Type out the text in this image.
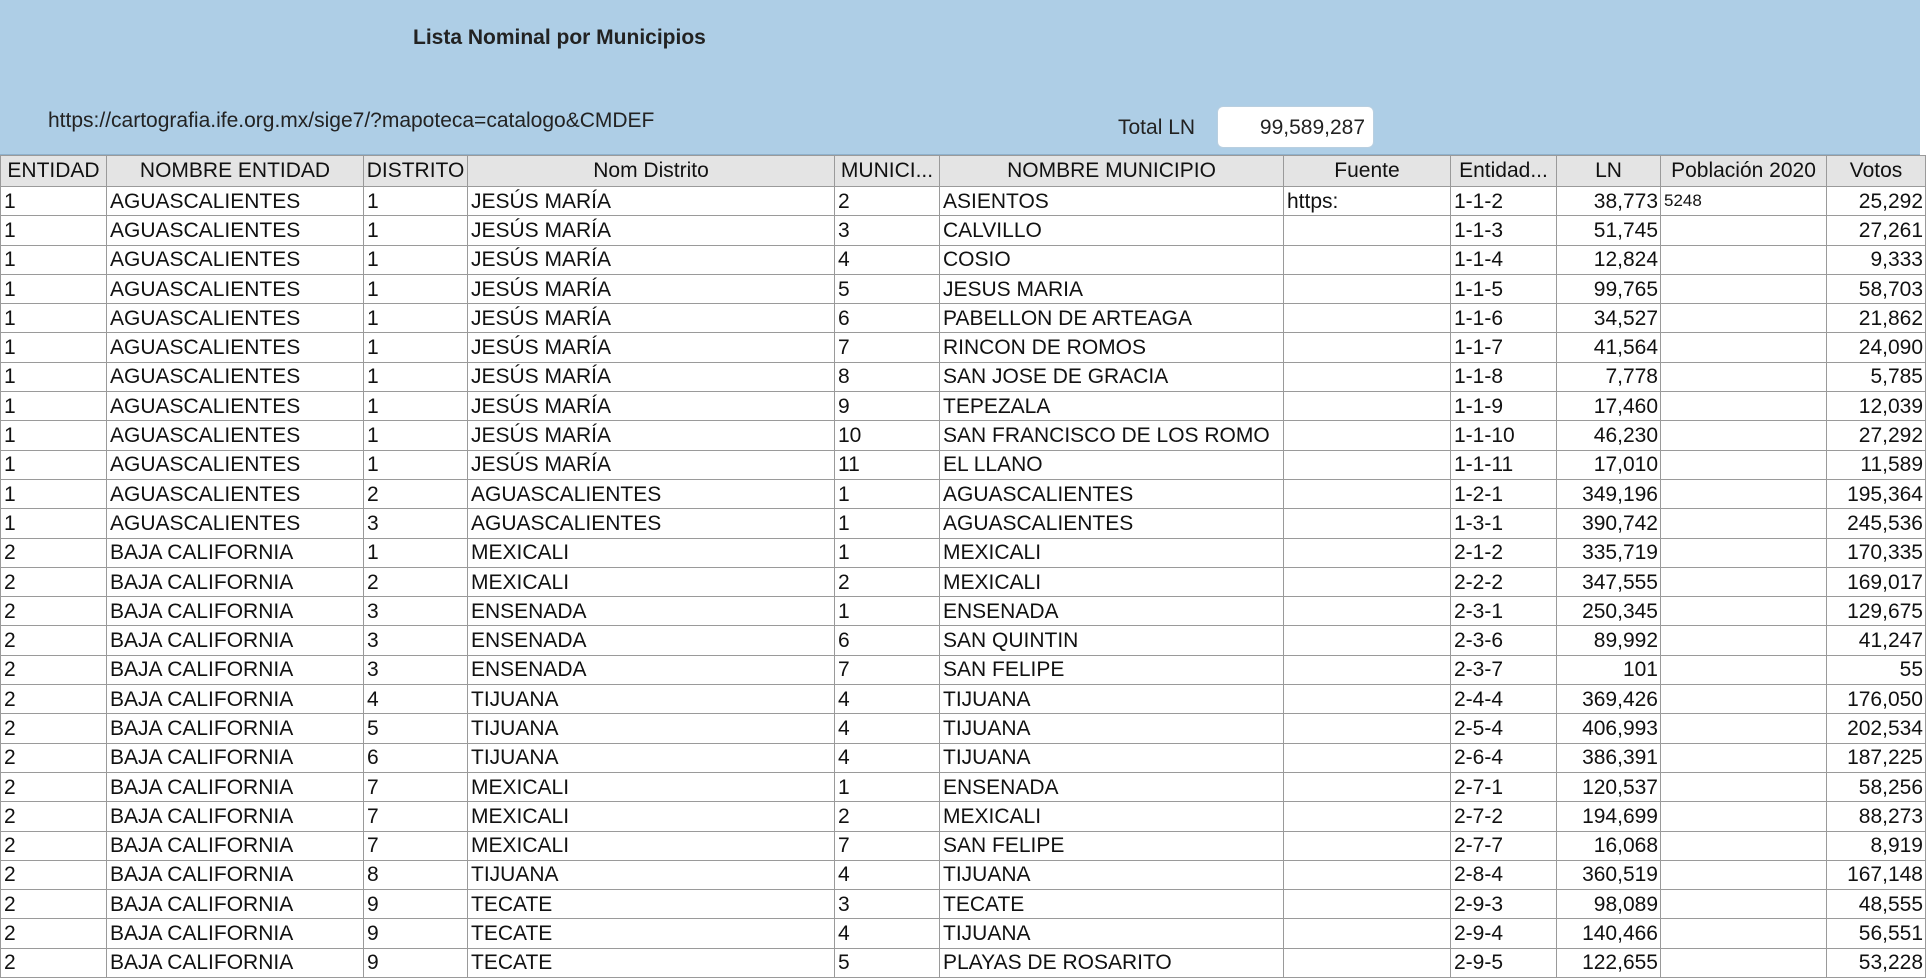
Lista Nominal por Municipios
https://cartografia.ife.org.mx/sige7/?mapoteca=catalogo&CMDEF	Total LN	99,589,287
ENTIDAD	NOMBRE ENTIDAD	DISTRITO	Nom Distrito	MUNICI...	NOMBRE MUNICIPIO	Fuente	Entidad...	LN	Población 2020	Votos
1	AGUASCALIENTES	1	JESÚS MARÍA	2	ASIENTOS	https:	1-1-2	38,773	5248	25,292
1	AGUASCALIENTES	1	JESÚS MARÍA	3	CALVILLO		1-1-3	51,745		27,261
1	AGUASCALIENTES	1	JESÚS MARÍA	4	COSIO		1-1-4	12,824		9,333
1	AGUASCALIENTES	1	JESÚS MARÍA	5	JESUS MARIA		1-1-5	99,765		58,703
1	AGUASCALIENTES	1	JESÚS MARÍA	6	PABELLON DE ARTEAGA		1-1-6	34,527		21,862
1	AGUASCALIENTES	1	JESÚS MARÍA	7	RINCON DE ROMOS		1-1-7	41,564		24,090
1	AGUASCALIENTES	1	JESÚS MARÍA	8	SAN JOSE DE GRACIA		1-1-8	7,778		5,785
1	AGUASCALIENTES	1	JESÚS MARÍA	9	TEPEZALA		1-1-9	17,460		12,039
1	AGUASCALIENTES	1	JESÚS MARÍA	10	SAN FRANCISCO DE LOS ROMO		1-1-10	46,230		27,292
1	AGUASCALIENTES	1	JESÚS MARÍA	11	EL LLANO		1-1-11	17,010		11,589
1	AGUASCALIENTES	2	AGUASCALIENTES	1	AGUASCALIENTES		1-2-1	349,196		195,364
1	AGUASCALIENTES	3	AGUASCALIENTES	1	AGUASCALIENTES		1-3-1	390,742		245,536
2	BAJA CALIFORNIA	1	MEXICALI	1	MEXICALI		2-1-2	335,719		170,335
2	BAJA CALIFORNIA	2	MEXICALI	2	MEXICALI		2-2-2	347,555		169,017
2	BAJA CALIFORNIA	3	ENSENADA	1	ENSENADA		2-3-1	250,345		129,675
2	BAJA CALIFORNIA	3	ENSENADA	6	SAN QUINTIN		2-3-6	89,992		41,247
2	BAJA CALIFORNIA	3	ENSENADA	7	SAN FELIPE		2-3-7	101		55
2	BAJA CALIFORNIA	4	TIJUANA	4	TIJUANA		2-4-4	369,426		176,050
2	BAJA CALIFORNIA	5	TIJUANA	4	TIJUANA		2-5-4	406,993		202,534
2	BAJA CALIFORNIA	6	TIJUANA	4	TIJUANA		2-6-4	386,391		187,225
2	BAJA CALIFORNIA	7	MEXICALI	1	ENSENADA		2-7-1	120,537		58,256
2	BAJA CALIFORNIA	7	MEXICALI	2	MEXICALI		2-7-2	194,699		88,273
2	BAJA CALIFORNIA	7	MEXICALI	7	SAN FELIPE		2-7-7	16,068		8,919
2	BAJA CALIFORNIA	8	TIJUANA	4	TIJUANA		2-8-4	360,519		167,148
2	BAJA CALIFORNIA	9	TECATE	3	TECATE		2-9-3	98,089		48,555
2	BAJA CALIFORNIA	9	TECATE	4	TIJUANA		2-9-4	140,466		56,551
2	BAJA CALIFORNIA	9	TECATE	5	PLAYAS DE ROSARITO		2-9-5	122,655		53,228
